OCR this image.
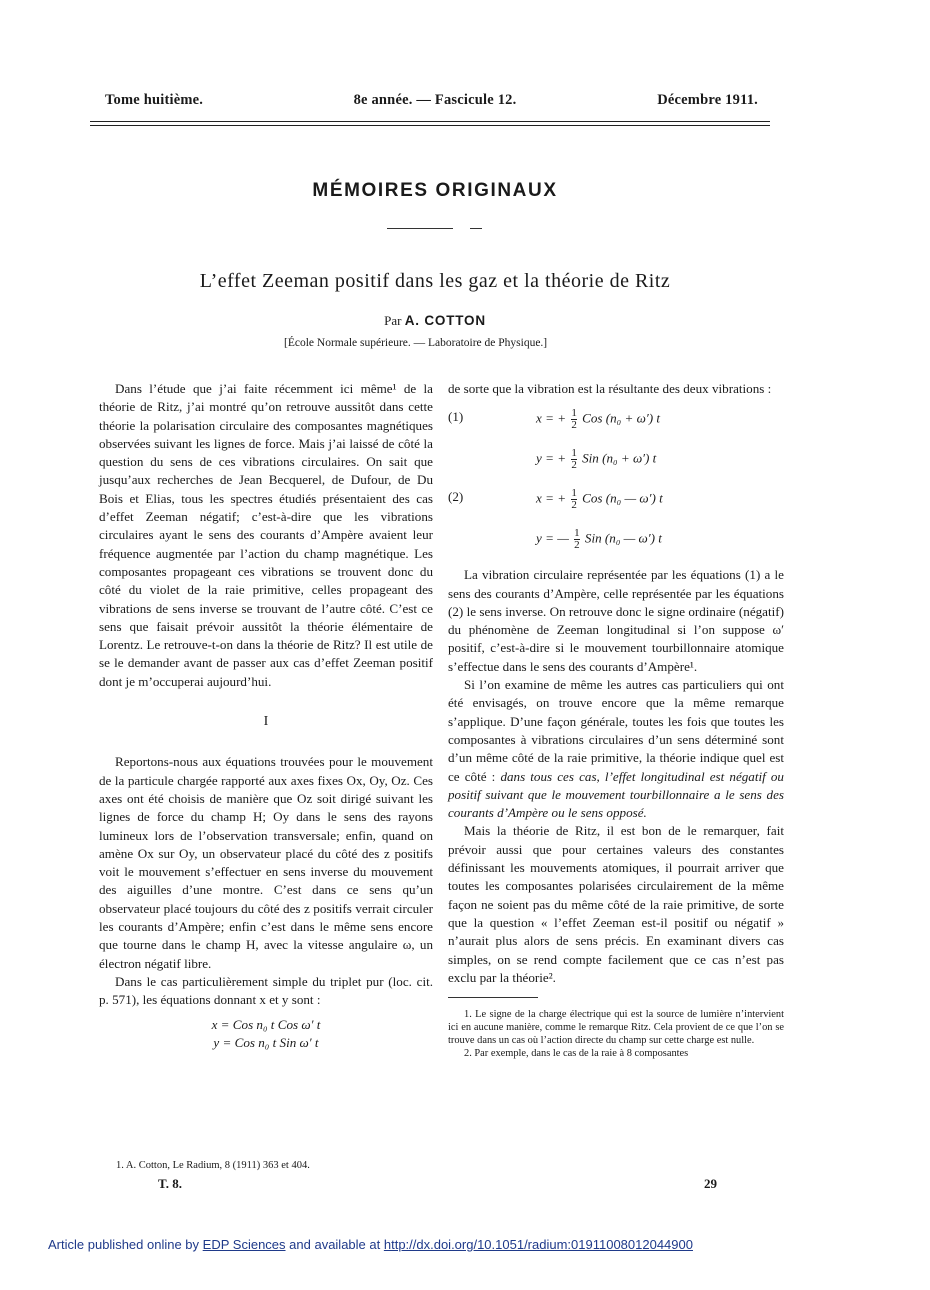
Tome huitième.	8e année. — Fascicule 12.	Décembre 1911.
MÉMOIRES ORIGINAUX
L’effet Zeeman positif dans les gaz et la théorie de Ritz
Par A. COTTON
[École Normale supérieure. — Laboratoire de Physique.]

Dans l’étude que j’ai faite récemment ici même¹ de la théorie de Ritz, j’ai montré qu’on retrouve aussitôt dans cette théorie la polarisation circulaire des composantes magnétiques observées suivant les lignes de force. Mais j’ai laissé de côté la question du sens de ces vibrations circulaires. On sait que jusqu’aux recherches de Jean Becquerel, de Dufour, de Du Bois et Elias, tous les spectres étudiés présentaient des cas d’effet Zeeman négatif; c’est-à-dire que les vibrations circulaires ayant le sens des courants d’Ampère avaient leur fréquence augmentée par l’action du champ magnétique. Les composantes propageant ces vibrations se trouvent donc du côté du violet de la raie primitive, celles propageant des vibrations de sens inverse se trouvant de l’autre côté. C’est ce sens que faisait prévoir aussitôt la théorie élémentaire de Lorentz. Le retrouve-t-on dans la théorie de Ritz? Il est utile de se le demander avant de passer aux cas d’effet Zeeman positif dont je m’occuperai aujourd’hui.

I

Reportons-nous aux équations trouvées pour le mouvement de la particule chargée rapporté aux axes fixes Ox, Oy, Oz. Ces axes ont été choisis de manière que Oz soit dirigé suivant les lignes de force du champ H; Oy dans le sens des rayons lumineux lors de l’observation transversale; enfin, quand on amène Ox sur Oy, un observateur placé du côté des z positifs voit le mouvement s’effectuer en sens inverse du mouvement des aiguilles d’une montre. C’est dans ce sens qu’un observateur placé toujours du côté des z positifs verrait circuler les courants d’Ampère; enfin c’est dans le même sens encore que tourne dans le champ H, avec la vitesse angulaire ω, un électron négatif libre.

Dans le cas particulièrement simple du triplet pur (loc. cit. p. 571), les équations donnant x et y sont :

x = Cos n₀ t Cos ω′ t
y = Cos n₀ t Sin ω′ t
1. A. Cotton, Le Radium, 8 (1911) 363 et 404.

de sorte que la vibration est la résultante des deux vibrations :

(1)	x = + $\frac{1}{2}$ Cos (n₀ + ω′) t
y = + $\frac{1}{2}$ Sin (n₀ + ω′) t
(2)	x = + $\frac{1}{2}$ Cos (n₀ — ω′) t
y = — $\frac{1}{2}$ Sin (n₀ — ω′) t

La vibration circulaire représentée par les équations (1) a le sens des courants d’Ampère, celle représentée par les équations (2) le sens inverse. On retrouve donc le signe ordinaire (négatif) du phénomène de Zeeman longitudinal si l’on suppose ω′ positif, c’est-à-dire si le mouvement tourbillonnaire atomique s’effectue dans le sens des courants d’Ampère¹.

Si l’on examine de même les autres cas particuliers qui ont été envisagés, on trouve encore que la même remarque s’applique. D’une façon générale, toutes les fois que toutes les composantes à vibrations circulaires d’un sens déterminé sont d’un même côté de la raie primitive, la théorie indique quel est ce côté : dans tous ces cas, l’effet longitudinal est négatif ou positif suivant que le mouvement tourbillonnaire a le sens des courants d’Ampère ou le sens opposé.

Mais la théorie de Ritz, il est bon de le remarquer, fait prévoir aussi que pour certaines valeurs des constantes définissant les mouvements atomiques, il pourrait arriver que toutes les composantes polarisées circulairement de la même façon ne soient pas du même côté de la raie primitive, de sorte que la question « l’effet Zeeman est-il positif ou négatif » n’aurait plus alors de sens précis. En examinant divers cas simples, on se rend compte facilement que ce cas n’est pas exclu par la théorie².

1. Le signe de la charge électrique qui est la source de lumière n’intervient ici en aucune manière, comme le remarque Ritz. Cela provient de ce que l’on se trouve dans un cas où l’action directe du champ sur cette charge est nulle.

2. Par exemple, dans le cas de la raie à 8 composantes

T. 8.	29
Article published online by EDP Sciences and available at http://dx.doi.org/10.1051/radium:01911008012044900
